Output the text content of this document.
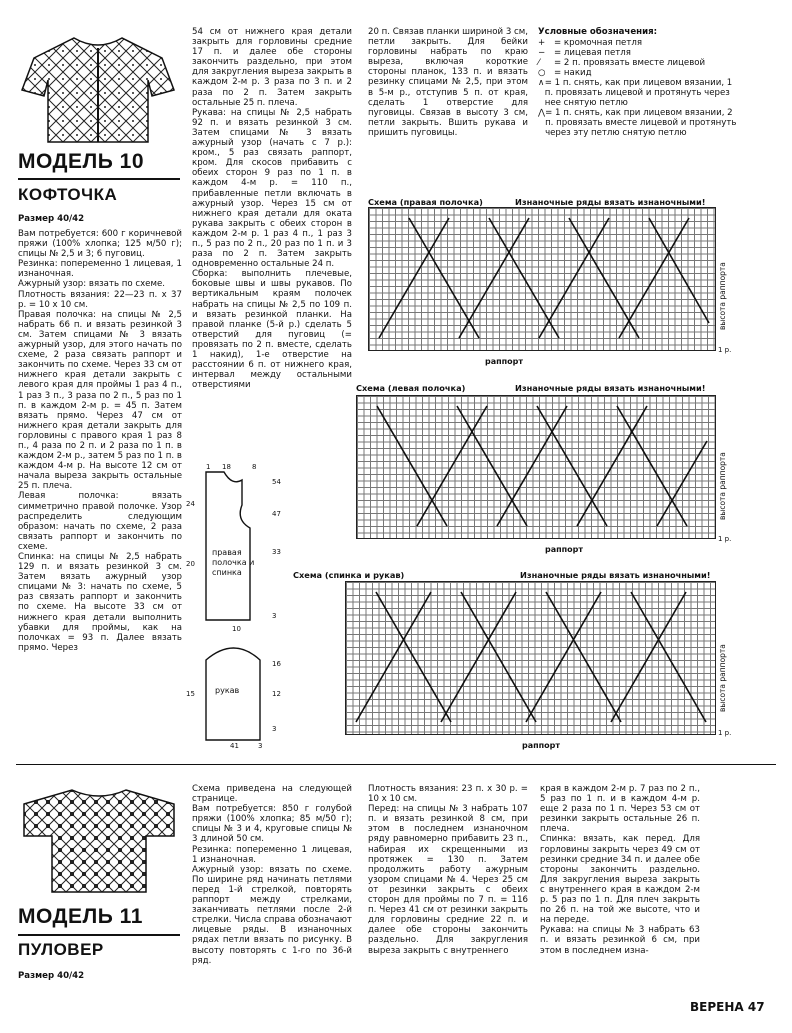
МОДЕЛЬ 10
КОФТОЧКА
Размер 40/42
Вам потребуется: 600 г коричневой пряжи (100% хлопка; 125 м/50 г); спицы № 2,5 и 3; 6 пуговиц.
Резинка: попеременно 1 лицевая, 1 изнаночная.
Ажурный узор: вязать по схеме.
Плотность вязания: 22—23 п. х 37 р. = 10 х 10 см.
Правая полочка: на спицы № 2,5 набрать 66 п. и вязать резинкой 3 см. Затем спицами № 3 вязать ажурный узор, для этого начать по схеме, 2 раза связать раппорт и закончить по схеме. Через 33 см от нижнего края детали закрыть с левого края для проймы 1 раз 4 п., 1 раз 3 п., 3 раза по 2 п., 5 раз по 1 п. в каждом 2-м р. = 45 п. Затем вязать прямо. Через 47 см от нижнего края детали закрыть для горловины с правого края 1 раз 8 п., 4 раза по 2 п. и 2 раза по 1 п. в каждом 2-м р., затем 5 раз по 1 п. в каждом 4-м р. На высоте 12 см от начала выреза закрыть остальные 25 п. плеча.
Левая полочка: вязать симметрично правой полочке. Узор распределить следующим образом: начать по схеме, 2 раза связать раппорт и закончить по схеме.
Спинка: на спицы № 2,5 набрать 129 п. и вязать резинкой 3 см. Затем вязать ажурный узор спицами № 3: начать по схеме, 5 раз связать раппорт и закончить по схеме. На высоте 33 см от нижнего края детали выполнить убавки для проймы, как на полочках = 93 п. Далее вязать прямо. Через
54 см от нижнего края детали закрыть для горловины средние 17 п. и далее обе стороны закончить раздельно, при этом для закругления выреза закрыть в каждом 2-м р. 3 раза по 3 п. и 2 раза по 2 п. Затем закрыть остальные 25 п. плеча.
Рукава: на спицы № 2,5 набрать 92 п. и вязать резинкой 3 см. Затем спицами № 3 вязать ажурный узор (начать с 7 р.): кром., 5 раз связать раппорт, кром. Для скосов прибавить с обеих сторон 9 раз по 1 п. в каждом 4-м р. = 110 п., прибавленные петли включать в ажурный узор. Через 15 см от нижнего края детали для оката рукава закрыть с обеих сторон в каждом 2-м р. 1 раз 4 п., 1 раз 3 п., 5 раз по 2 п., 20 раз по 1 п. и 3 раза по 2 п. Затем закрыть одновременно остальные 24 п.
Сборка: выполнить плечевые, боковые швы и швы рукавов. По вертикальным краям полочек набрать на спицы № 2,5 по 109 п. и вязать резинкой планки. На правой планке (5-й р.) сделать 5 отверстий для пуговиц (= провязать по 2 п. вместе, сделать 1 накид), 1-е отверстие на расстоянии 6 п. от нижнего края, интервал между остальными отверстиями
20 п. Связав планки шириной 3 см, петли закрыть. Для бейки горловины набрать по краю выреза, включая короткие стороны планок, 133 п. и вязать резинку спицами № 2,5, при этом в 5-м р., отступив 5 п. от края, сделать 1 отверстие для пуговицы. Связав в высоту 3 см, петли закрыть. Вшить рукава и пришить пуговицы.
Условные обозначения:
+	= кромочная петля
−	= лицевая петля
⁄	= 2 п. провязать вместе лицевой
○ = накид
∧ = 1 п. снять, как при лицевом вязании, 1 п. провязать лицевой и протянуть через нее снятую петлю
⋀ = 1 п. снять, как при лицевом вязании, 2 п. провязать вместе лицевой и протянуть через эту петлю снятую петлю
Схема (правая полочка)	Изнаночные ряды вязать изнаночными!
высота раппорта
1 р.
раппорт
Схема (левая полочка)	Изнаночные ряды вязать изнаночными!
высота раппорта
1 р.
раппорт
правая полочка и спинка
рукав
1 18	8
54
47
33
3
24
20
10
16
12
15
3
41	3
Схема (спинка и рукав)	Изнаночные ряды вязать изнаночными!
высота раппорта
1 р.
раппорт
МОДЕЛЬ 11
ПУЛОВЕР
Размер 40/42
Схема приведена на следующей странице.
Вам потребуется: 850 г голубой пряжи (100% хлопка; 85 м/50 г); спицы № 3 и 4, круговые спицы № 3 длиной 50 см.
Резинка: попеременно 1 лицевая, 1 изнаночная.
Ажурный узор: вязать по схеме. По ширине ряд начинать петлями перед 1-й стрелкой, повторять раппорт между стрелками, заканчивать петлями после 2-й стрелки. Числа справа обозначают лицевые ряды. В изнаночных рядах петли вязать по рисунку. В высоту повторять с 1-го по 36-й ряд.
Плотность вязания: 23 п. х 30 р. = 10 х 10 см.
Перед: на спицы № 3 набрать 107 п. и вязать резинкой 8 см, при этом в последнем изнаночном ряду равномерно прибавить 23 п., набирая их скрещенными из протяжек = 130 п. Затем продолжить работу ажурным узором спицами № 4. Через 25 см от резинки закрыть с обеих сторон для проймы по 7 п. = 116 п. Через 41 см от резинки закрыть для горловины средние 22 п. и далее обе стороны закончить раздельно. Для закругления выреза закрыть с внутреннего
края в каждом 2-м р. 7 раз по 2 п., 5 раз по 1 п. и в каждом 4-м р. еще 2 раза по 1 п. Через 53 см от резинки закрыть остальные 26 п. плеча.
Спинка: вязать, как перед. Для горловины закрыть через 49 см от резинки средние 34 п. и далее обе стороны закончить раздельно. Для закругления выреза закрыть с внутреннего края в каждом 2-м р. 5 раз по 1 п. Для плеч закрыть по 26 п. на той же высоте, что и на переде.
Рукава: на спицы № 3 набрать 63 п. и вязать резинкой 6 см, при этом в последнем изна-
ВЕРЕНА 47
